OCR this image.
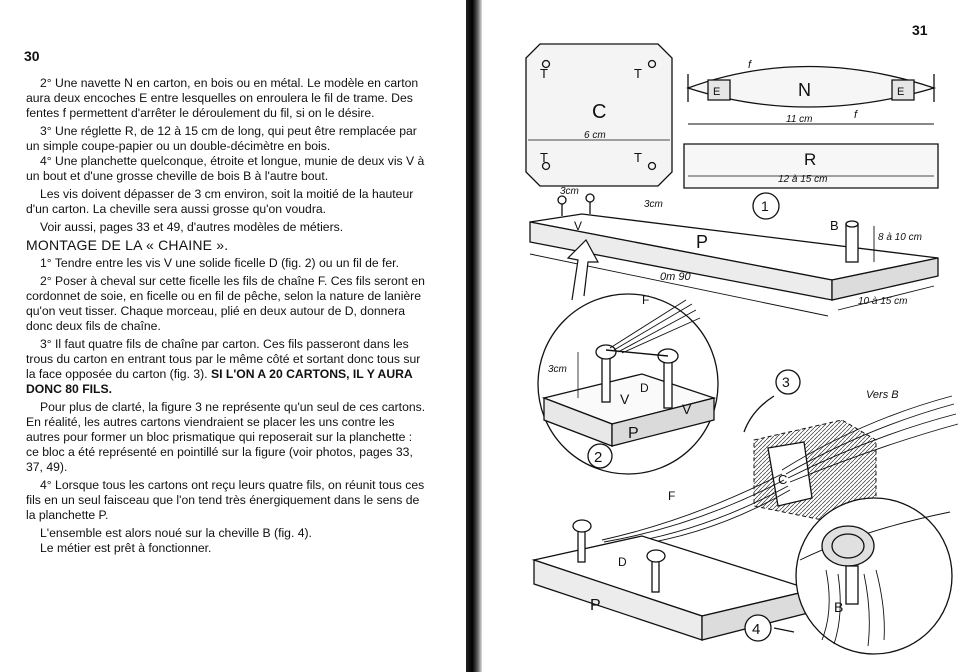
30

2° Une navette N en carton, en bois ou en métal. Le modèle en carton aura deux encoches E entre lesquelles on enroulera le fil de trame. Des fentes f permettent d'arrêter le déroulement du fil, si on le désire.

3° Une réglette R, de 12 à 15 cm de long, qui peut être remplacée par un simple coupe-papier ou un double-décimètre en bois.

4° Une planchette quelconque, étroite et longue, munie de deux vis V à un bout et d'une grosse cheville de bois B à l'autre bout.

Les vis doivent dépasser de 3 cm environ, soit la moitié de la hauteur d'un carton. La cheville sera aussi grosse qu'on voudra.

Voir aussi, pages 33 et 49, d'autres modèles de métiers.

MONTAGE DE LA « CHAINE ».

1° Tendre entre les vis V une solide ficelle D (fig. 2) ou un fil de fer.

2° Poser à cheval sur cette ficelle les fils de chaîne F. Ces fils seront en cordonnet de soie, en ficelle ou en fil de pêche, selon la nature de lanière qu'on veut tisser. Chaque morceau, plié en deux autour de D, donnera donc deux fils de chaîne.

3° Il faut quatre fils de chaîne par carton. Ces fils passeront dans les trous du carton en entrant tous par le même côté et sortant donc tous sur la face opposée du carton (fig. 3). SI L'ON A 20 CARTONS, IL Y AURA DONC 80 FILS.

Pour plus de clarté, la figure 3 ne représente qu'un seul de ces cartons. En réalité, les autres cartons viendraient se placer les uns contre les autres pour former un bloc prismatique qui reposerait sur la planchette : ce bloc a été représenté en pointillé sur la figure (voir photos, pages 33, 37, 49).

4° Lorsque tous les cartons ont reçu leurs quatre fils, on réunit tous ces fils en un seul faisceau que l'on tend très énergiquement dans le sens de la planchette P.

L'ensemble est alors noué sur la cheville B (fig. 4).

Le métier est prêt à fonctionner.

31
T	T
T	T
C
6 cm
N
E	E
f
f
11 cm
R
12 à 15 cm
1
3cm
3cm
V	B
8 à 10 cm
P
0m 90
10 à 15 cm
F
3cm
D
V
V
P
2
3
Vers B
C
F
D
P	B
4
